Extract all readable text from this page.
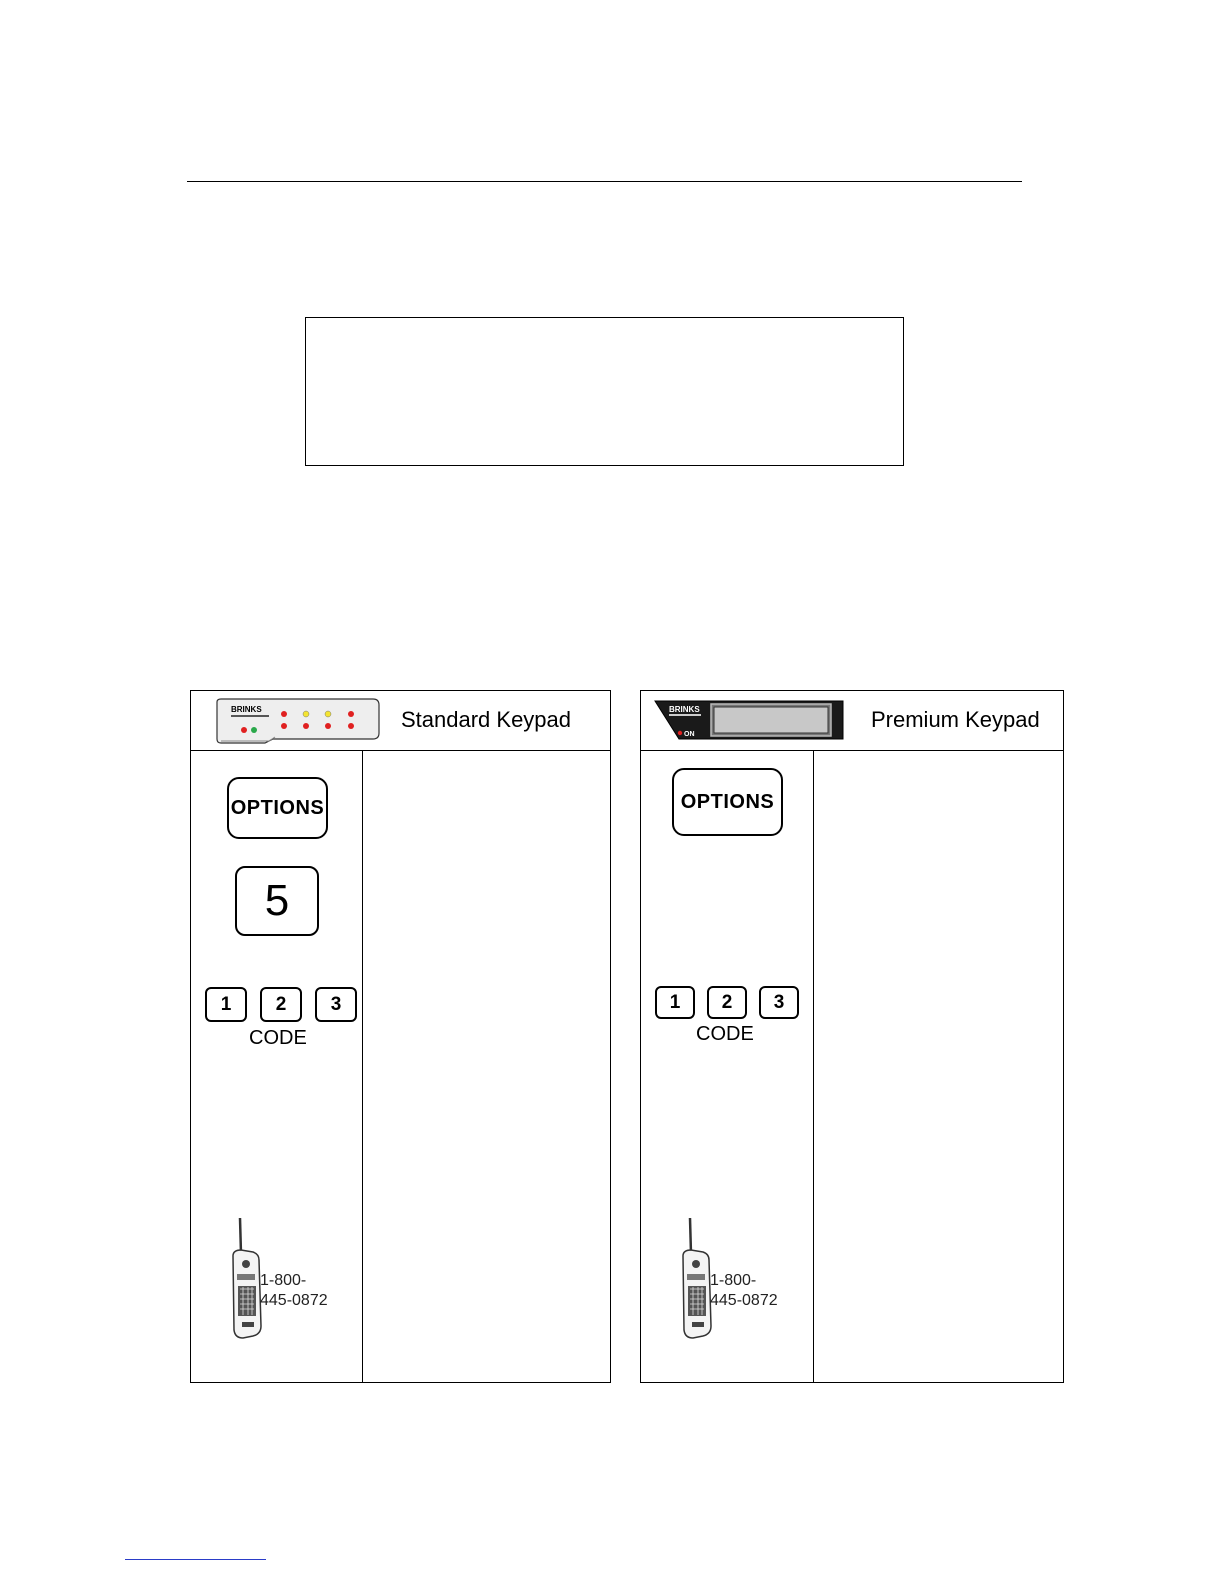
BRINKS	Standard Keypad
OPTIONS
5
1	2	3
CODE
1-800-
445-0872
BRINKS
ON
Premium Keypad
OPTIONS
1	2	3
CODE
1-800-
445-0872
